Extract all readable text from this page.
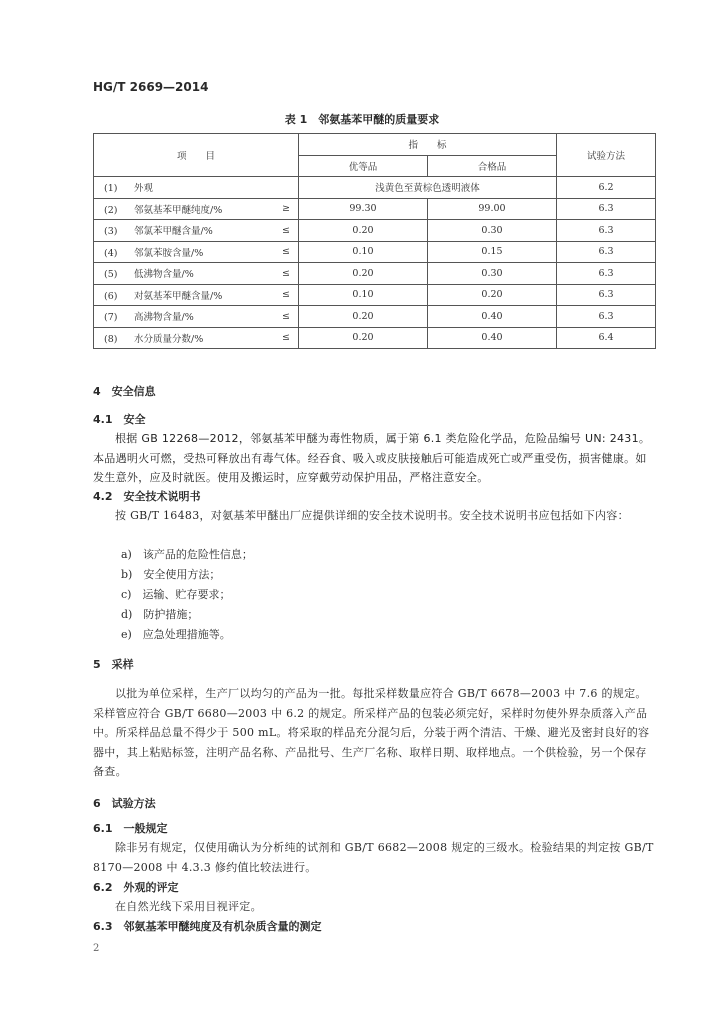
HG/T 2669—2014
表 1　邻氨基苯甲醚的质量要求
项　　目		指　　标		试验方法
		优等品	合格品	
(1) 外观		浅黄色至黄棕色透明液体		6.2
(2) 邻氨基苯甲醚纯度/%	≥	99.30	99.00	6.3
(3) 邻氯苯甲醚含量/%	≤	0.20	0.30	6.3
(4) 邻氯苯胺含量/%	≤	0.10	0.15	6.3
(5) 低沸物含量/%	≤	0.20	0.30	6.3
(6) 对氨基苯甲醚含量/%	≤	0.10	0.20	6.3
(7) 高沸物含量/%	≤	0.20	0.40	6.3
(8) 水分质量分数/%	≤	0.20	0.40	6.4
4　安全信息
4.1　安全
根据 GB 12268—2012，邻氨基苯甲醚为毒性物质，属于第 6.1 类危险化学品，危险品编号 UN: 2431。本品遇明火可燃，受热可释放出有毒气体。经吞食、吸入或皮肤接触后可能造成死亡或严重受伤，损害健康。如发生意外，应及时就医。使用及搬运时，应穿戴劳动保护用品，严格注意安全。
4.2　安全技术说明书
按 GB/T 16483，对氨基苯甲醚出厂应提供详细的安全技术说明书。安全技术说明书应包括如下内容：
a)　该产品的危险性信息；
b)　安全使用方法；
c)　运输、贮存要求；
d)　防护措施；
e)　应急处理措施等。
5　采样
以批为单位采样，生产厂以均匀的产品为一批。每批采样数量应符合 GB/T 6678—2003 中 7.6 的规定。采样管应符合 GB/T 6680—2003 中 6.2 的规定。所采样产品的包装必须完好，采样时勿使外界杂质落入产品中。所采样品总量不得少于 500 mL。将采取的样品充分混匀后，分装于两个清洁、干燥、避光及密封良好的容器中，其上粘贴标签，注明产品名称、产品批号、生产厂名称、取样日期、取样地点。一个供检验，另一个保存备查。
6　试验方法
6.1　一般规定
除非另有规定，仅使用确认为分析纯的试剂和 GB/T 6682—2008 规定的三级水。检验结果的判定按 GB/T 8170—2008 中 4.3.3 修约值比较法进行。
6.2　外观的评定
在自然光线下采用目视评定。
6.3　邻氨基苯甲醚纯度及有机杂质含量的测定
2
